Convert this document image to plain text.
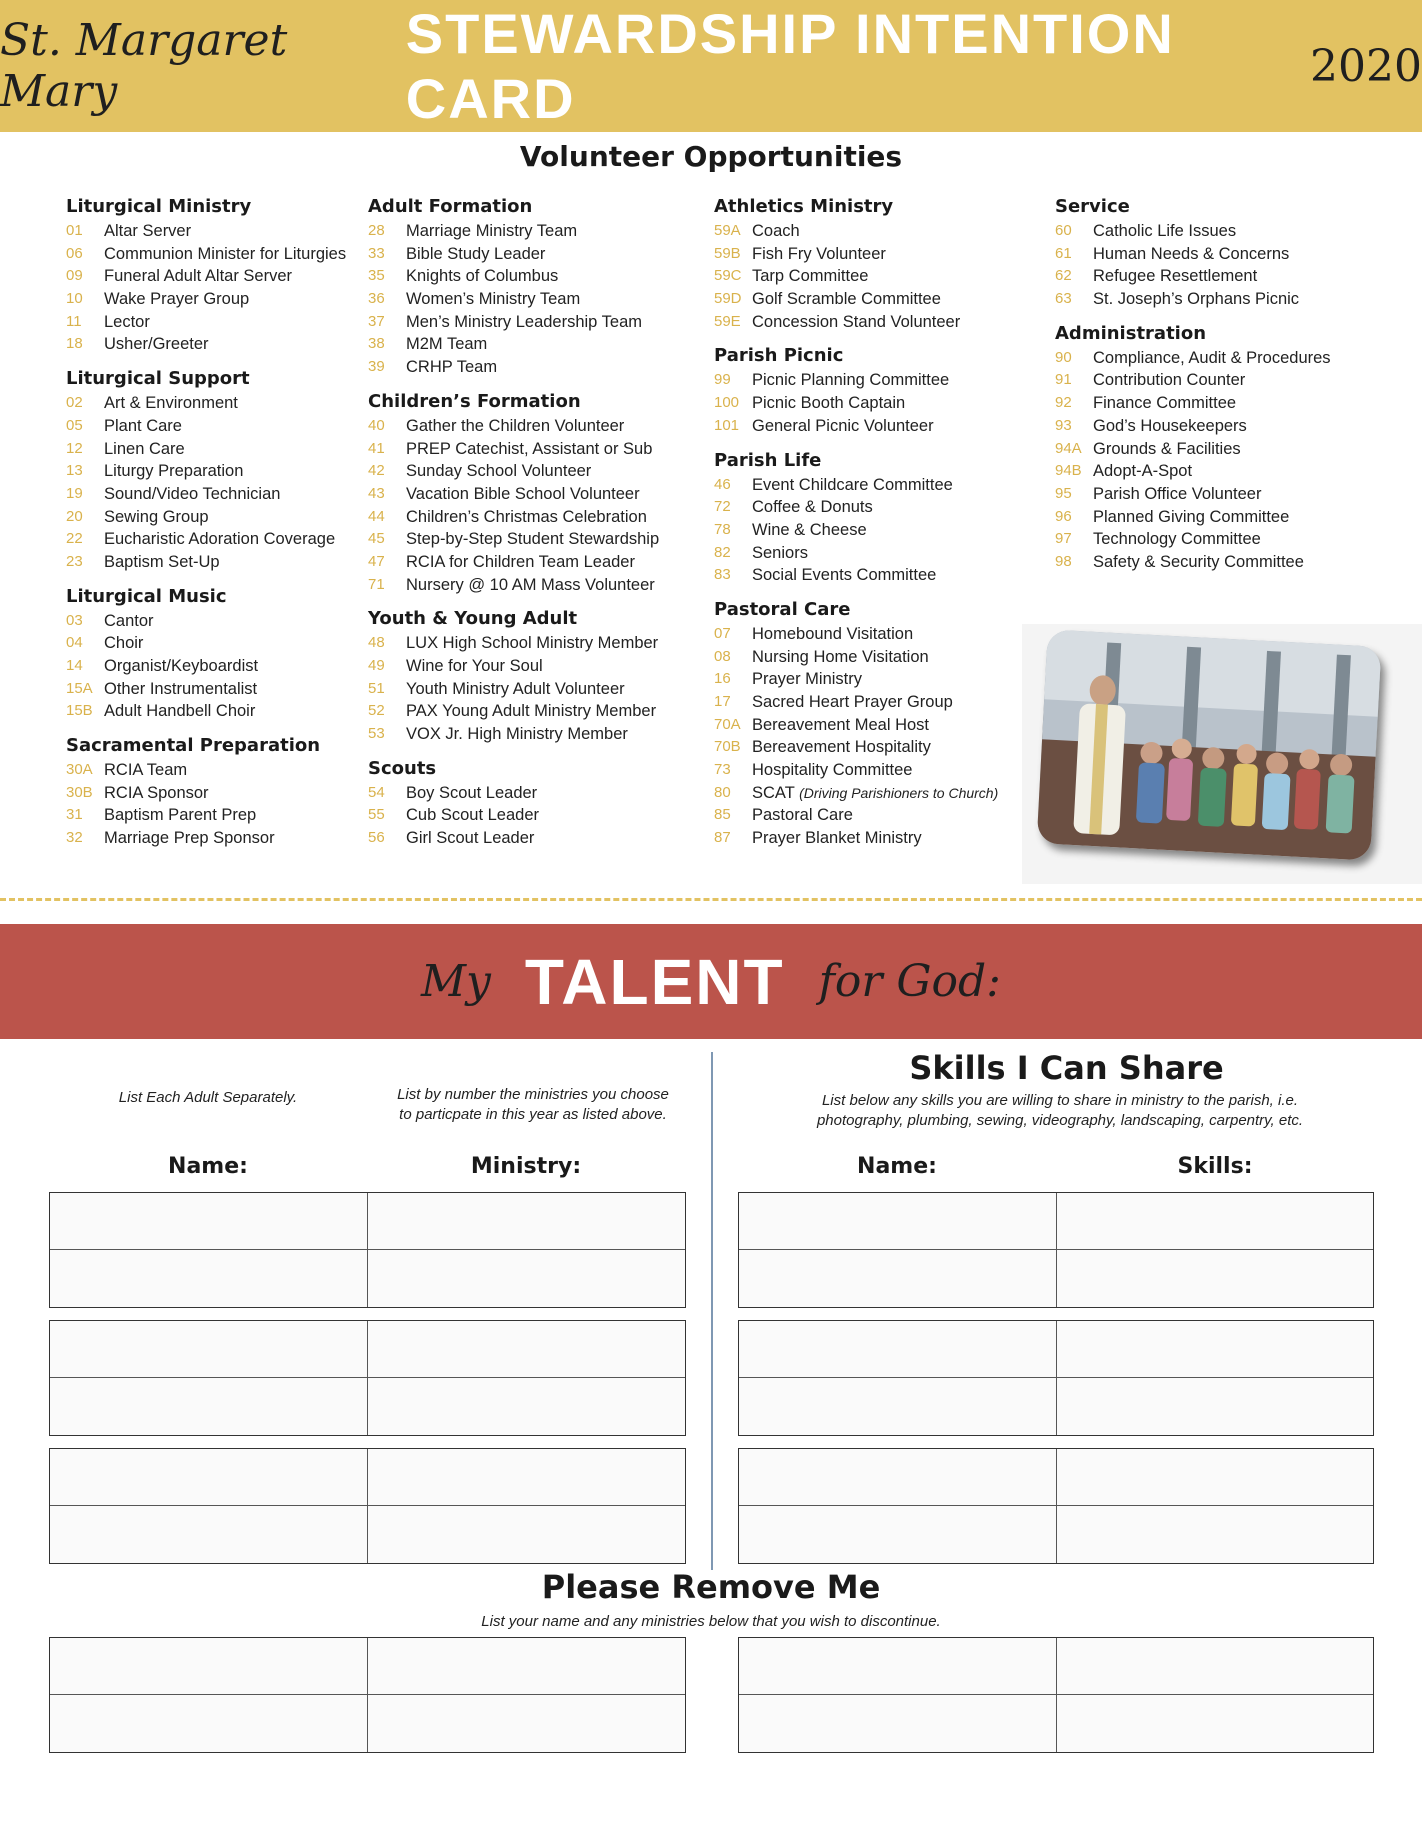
St. Margaret Mary
STEWARDSHIP INTENTION CARD
2020
Volunteer Opportunities
Liturgical Ministry
01	Altar Server
06	Communion Minister for Liturgies
09	Funeral Adult Altar Server
10	Wake Prayer Group
11	Lector
18	Usher/Greeter
Liturgical Support
02	Art & Environment
05	Plant Care
12	Linen Care
13	Liturgy Preparation
19	Sound/Video Technician
20	Sewing Group
22	Eucharistic Adoration Coverage
23	Baptism Set-Up
Liturgical Music
03	Cantor
04	Choir
14	Organist/Keyboardist
15A Other Instrumentalist
15B Adult Handbell Choir
Sacramental Preparation
30A RCIA Team
30B RCIA Sponsor
31	Baptism Parent Prep
32	Marriage Prep Sponsor
Adult Formation
28	Marriage Ministry Team
33	Bible Study Leader
35	Knights of Columbus
36	Women’s Ministry Team
37	Men’s Ministry Leadership Team
38	M2M Team
39	CRHP Team
Children’s Formation
40	Gather the Children Volunteer
41	PREP Catechist, Assistant or Sub
42	Sunday School Volunteer
43	Vacation Bible School Volunteer
44	Children’s Christmas Celebration
45	Step-by-Step Student Stewardship
47	RCIA for Children Team Leader
71	Nursery @ 10 AM Mass Volunteer
Youth & Young Adult
48	LUX High School Ministry Member
49	Wine for Your Soul
51	Youth Ministry Adult Volunteer
52	PAX Young Adult Ministry Member
53	VOX Jr. High Ministry Member
Scouts
54	Boy Scout Leader
55	Cub Scout Leader
56	Girl Scout Leader
Athletics Ministry
59A Coach
59B Fish Fry Volunteer
59C Tarp Committee
59D Golf Scramble Committee
59E Concession Stand Volunteer
Parish Picnic
99	Picnic Planning Committee
100 Picnic Booth Captain
101 General Picnic Volunteer
Parish Life
46	Event Childcare Committee
72	Coffee & Donuts
78	Wine & Cheese
82	Seniors
83	Social Events Committee
Pastoral Care
07	Homebound Visitation
08	Nursing Home Visitation
16	Prayer Ministry
17	Sacred Heart Prayer Group
70A Bereavement Meal Host
70B Bereavement Hospitality
73	Hospitality Committee
80	SCAT (Driving Parishioners to Church)
85	Pastoral Care
87	Prayer Blanket Ministry
Service
60	Catholic Life Issues
61	Human Needs & Concerns
62	Refugee Resettlement
63	St. Joseph’s Orphans Picnic
Administration
90	Compliance, Audit & Procedures
91	Contribution Counter
92	Finance Committee
93	God’s Housekeepers
94A Grounds & Facilities
94B Adopt-A-Spot
95	Parish Office Volunteer
96	Planned Giving Committee
97	Technology Committee
98	Safety & Security Committee
My TALENT for God:
List Each Adult Separately.	List by number the ministries you choose
to particpate in this year as listed above.
Name:	Ministry:
Skills I Can Share
List below any skills you are willing to share in ministry to the parish, i.e.
photography, plumbing, sewing, videography, landscaping, carpentry, etc.
Name:	Skills:
Please Remove Me
List your name and any ministries below that you wish to discontinue.
